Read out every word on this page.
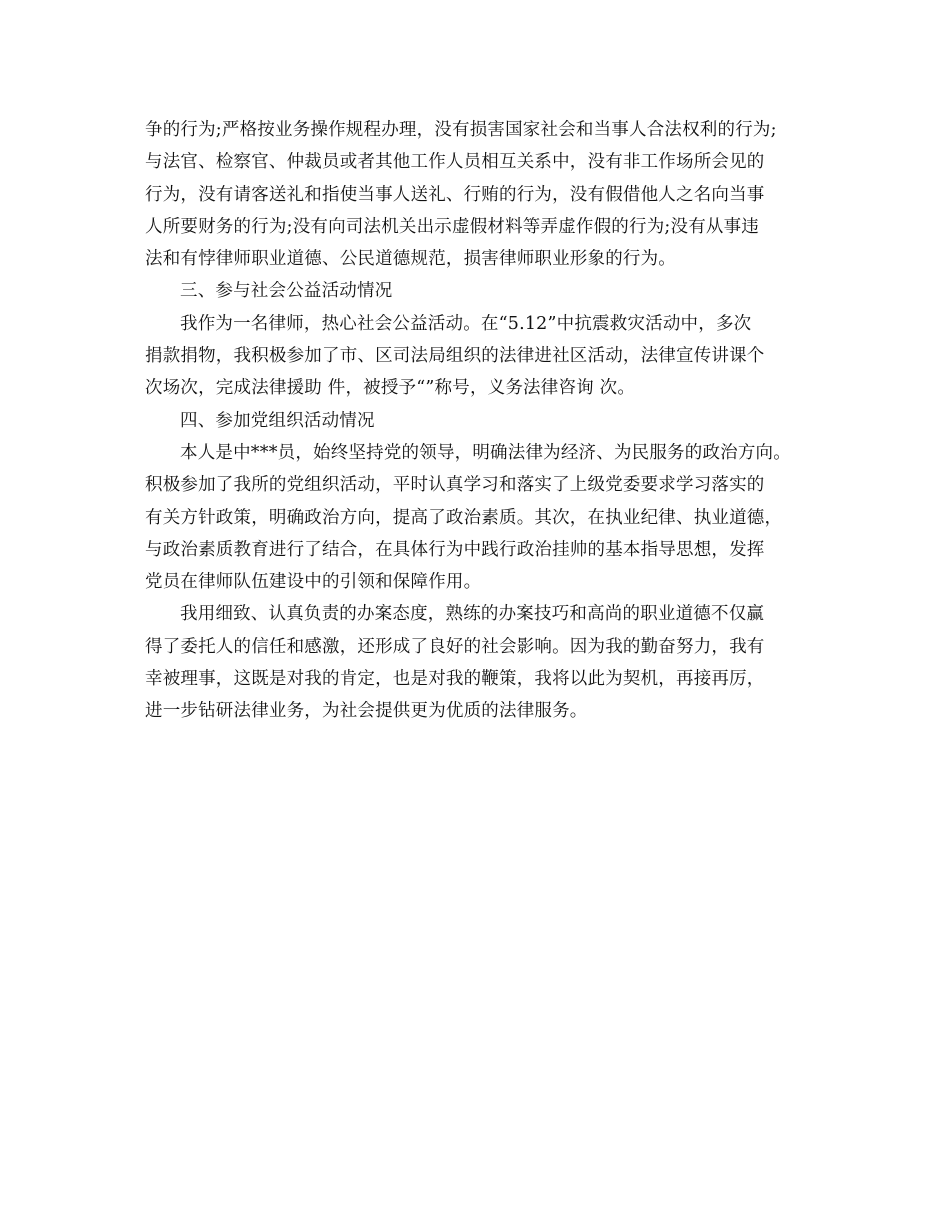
争的行为;严格按业务操作规程办理，没有损害国家社会和当事人合法权利的行为;
与法官、检察官、仲裁员或者其他工作人员相互关系中，没有非工作场所会见的
行为，没有请客送礼和指使当事人送礼、行贿的行为，没有假借他人之名向当事
人所要财务的行为;没有向司法机关出示虚假材料等弄虚作假的行为;没有从事违
法和有悖律师职业道德、公民道德规范，损害律师职业形象的行为。
三、参与社会公益活动情况
我作为一名律师，热心社会公益活动。在“5.12”中抗震救灾活动中，多次
捐款捐物，我积极参加了市、区司法局组织的法律进社区活动，法律宣传讲课个
次场次，完成法律援助 件，被授予“”称号，义务法律咨询 次。
四、参加党组织活动情况
本人是中***员，始终坚持党的领导，明确法律为经济、为民服务的政治方向。
积极参加了我所的党组织活动，平时认真学习和落实了上级党委要求学习落实的
有关方针政策，明确政治方向，提高了政治素质。其次，在执业纪律、执业道德，
与政治素质教育进行了结合，在具体行为中践行政治挂帅的基本指导思想，发挥
党员在律师队伍建设中的引领和保障作用。
我用细致、认真负责的办案态度，熟练的办案技巧和高尚的职业道德不仅赢
得了委托人的信任和感激，还形成了良好的社会影响。因为我的勤奋努力，我有
幸被理事，这既是对我的肯定，也是对我的鞭策，我将以此为契机，再接再厉，
进一步钻研法律业务，为社会提供更为优质的法律服务。
